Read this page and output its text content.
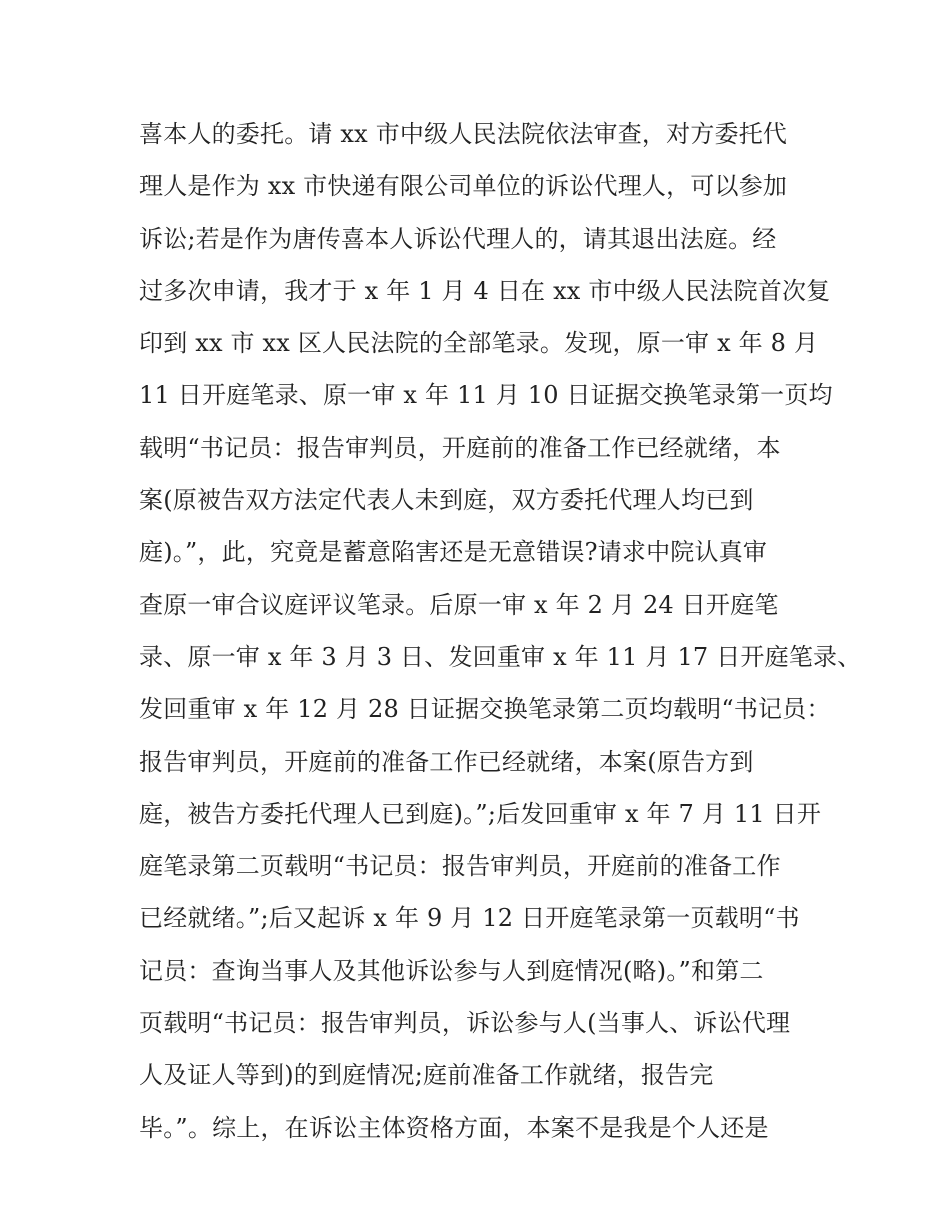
喜本人的委托。请 xx 市中级人民法院依法审查，对方委托代
理人是作为 xx 市快递有限公司单位的诉讼代理人，可以参加
诉讼;若是作为唐传喜本人诉讼代理人的，请其退出法庭。经
过多次申请，我才于 x 年 1 月 4 日在 xx 市中级人民法院首次复
印到 xx 市 xx 区人民法院的全部笔录。发现，原一审 x 年 8 月
11 日开庭笔录、原一审 x 年 11 月 10 日证据交换笔录第一页均
载明“书记员：报告审判员，开庭前的准备工作已经就绪，本
案(原被告双方法定代表人未到庭，双方委托代理人均已到
庭)。”，此，究竟是蓄意陷害还是无意错误?请求中院认真审
查原一审合议庭评议笔录。后原一审 x 年 2 月 24 日开庭笔
录、原一审 x 年 3 月 3 日、发回重审 x 年 11 月 17 日开庭笔录、
发回重审 x 年 12 月 28 日证据交换笔录第二页均载明“书记员：
报告审判员，开庭前的准备工作已经就绪，本案(原告方到
庭，被告方委托代理人已到庭)。”;后发回重审 x 年 7 月 11 日开
庭笔录第二页载明“书记员：报告审判员，开庭前的准备工作
已经就绪。”;后又起诉 x 年 9 月 12 日开庭笔录第一页载明“书
记员：查询当事人及其他诉讼参与人到庭情况(略)。”和第二
页载明“书记员：报告审判员，诉讼参与人(当事人、诉讼代理
人及证人等到)的到庭情况;庭前准备工作就绪，报告完
毕。”。综上，在诉讼主体资格方面，本案不是我是个人还是
